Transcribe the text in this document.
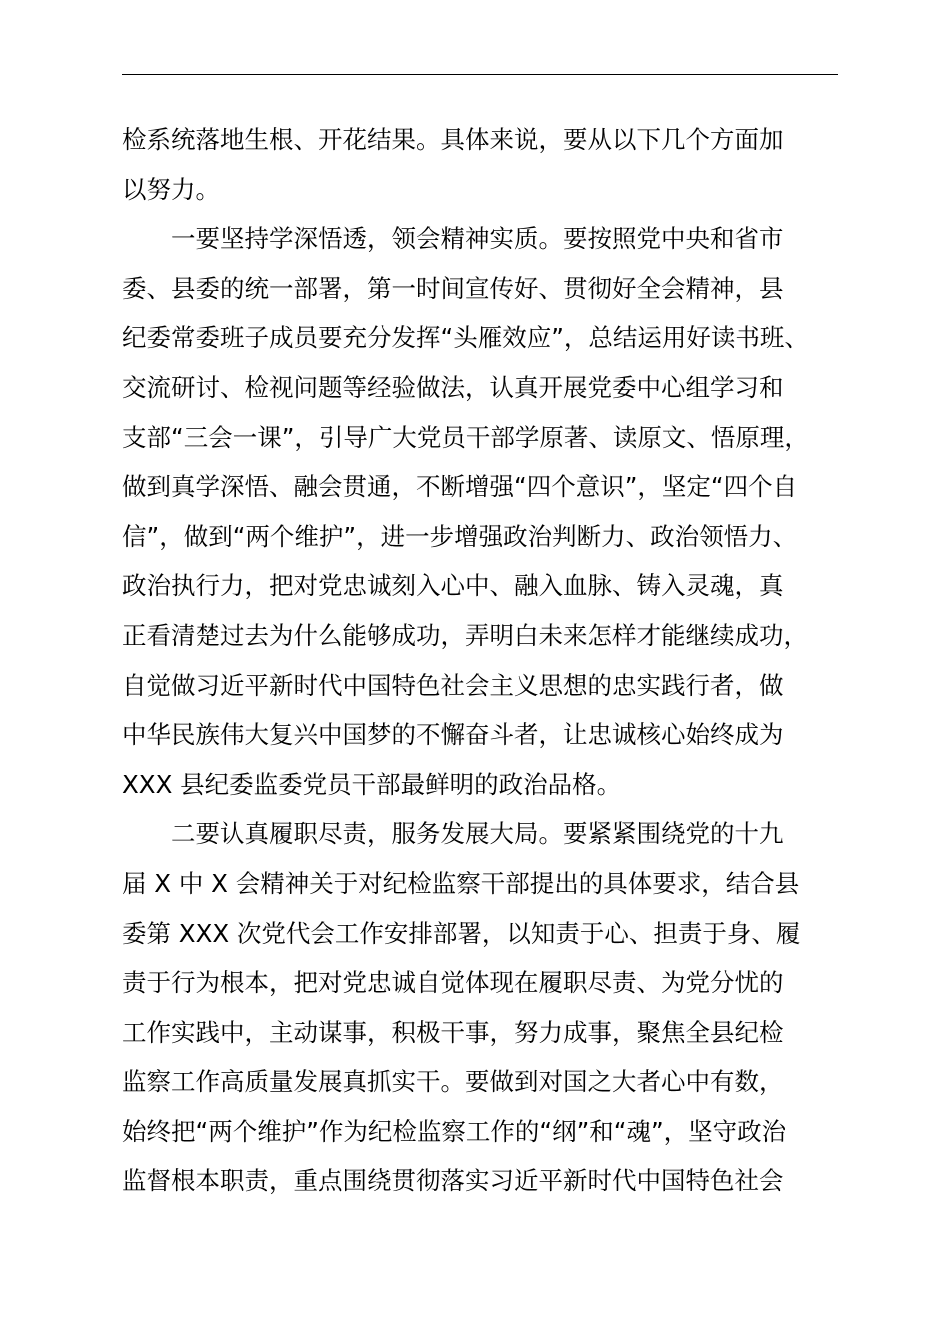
检系统落地生根、开花结果。具体来说，要从以下几个方面加
以努力。
一要坚持学深悟透，领会精神实质。要按照党中央和省市
委、县委的统一部署，第一时间宣传好、贯彻好全会精神，县
纪委常委班子成员要充分发挥“头雁效应”，总结运用好读书班、
交流研讨、检视问题等经验做法，认真开展党委中心组学习和
支部“三会一课”，引导广大党员干部学原著、读原文、悟原理，
做到真学深悟、融会贯通，不断增强“四个意识”，坚定“四个自
信”，做到“两个维护”，进一步增强政治判断力、政治领悟力、
政治执行力，把对党忠诚刻入心中、融入血脉、铸入灵魂，真
正看清楚过去为什么能够成功，弄明白未来怎样才能继续成功，
自觉做习近平新时代中国特色社会主义思想的忠实践行者，做
中华民族伟大复兴中国梦的不懈奋斗者，让忠诚核心始终成为
XXX 县纪委监委党员干部最鲜明的政治品格。
二要认真履职尽责，服务发展大局。要紧紧围绕党的十九
届 X 中 X 会精神关于对纪检监察干部提出的具体要求，结合县
委第 XXX 次党代会工作安排部署，以知责于心、担责于身、履
责于行为根本，把对党忠诚自觉体现在履职尽责、为党分忧的
工作实践中，主动谋事，积极干事，努力成事，聚焦全县纪检
监察工作高质量发展真抓实干。要做到对国之大者心中有数，
始终把“两个维护”作为纪检监察工作的“纲”和“魂”，坚守政治
监督根本职责，重点围绕贯彻落实习近平新时代中国特色社会
